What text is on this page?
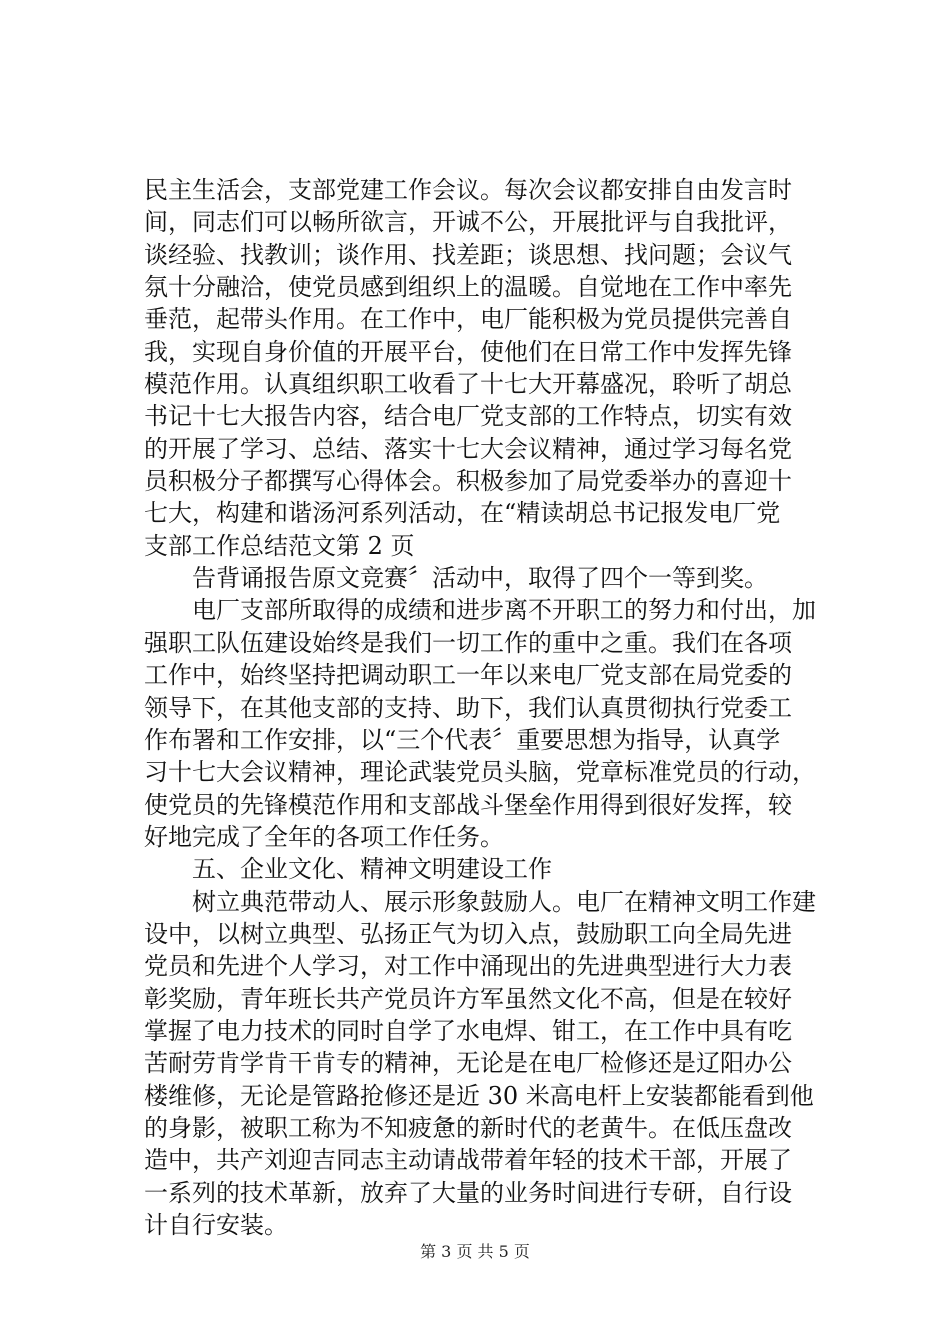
民主生活会，支部党建工作会议。每次会议都安排自由发言时
间，同志们可以畅所欲言，开诚不公，开展批评与自我批评，
谈经验、找教训；谈作用、找差距；谈思想、找问题；会议气
氛十分融洽，使党员感到组织上的温暖。自觉地在工作中率先
垂范，起带头作用。在工作中，电厂能积极为党员提供完善自
我，实现自身价值的开展平台，使他们在日常工作中发挥先锋
模范作用。认真组织职工收看了十七大开幕盛况，聆听了胡总
书记十七大报告内容，结合电厂党支部的工作特点，切实有效
的开展了学习、总结、落实十七大会议精神，通过学习每名党
员积极分子都撰写心得体会。积极参加了局党委举办的喜迎十
七大，构建和谐汤河系列活动，在“精读胡总书记报发电厂党
支部工作总结范文第 2 页
告背诵报告原文竞赛〞活动中，取得了四个一等到奖。
电厂支部所取得的成绩和进步离不开职工的努力和付出，加
强职工队伍建设始终是我们一切工作的重中之重。我们在各项
工作中，始终坚持把调动职工一年以来电厂党支部在局党委的
领导下，在其他支部的支持、助下，我们认真贯彻执行党委工
作布署和工作安排，以“三个代表〞重要思想为指导，认真学
习十七大会议精神，理论武装党员头脑，党章标准党员的行动，
使党员的先锋模范作用和支部战斗堡垒作用得到很好发挥，较
好地完成了全年的各项工作任务。
五、企业文化、精神文明建设工作
树立典范带动人、展示形象鼓励人。电厂在精神文明工作建
设中，以树立典型、弘扬正气为切入点，鼓励职工向全局先进
党员和先进个人学习，对工作中涌现出的先进典型进行大力表
彰奖励，青年班长共产党员许方军虽然文化不高，但是在较好
掌握了电力技术的同时自学了水电焊、钳工，在工作中具有吃
苦耐劳肯学肯干肯专的精神，无论是在电厂检修还是辽阳办公
楼维修，无论是管路抢修还是近 30 米高电杆上安装都能看到他
的身影，被职工称为不知疲惫的新时代的老黄牛。在低压盘改
造中，共产刘迎吉同志主动请战带着年轻的技术干部，开展了
一系列的技术革新，放弃了大量的业务时间进行专研，自行设
计自行安装。
第 3 页 共 5 页
